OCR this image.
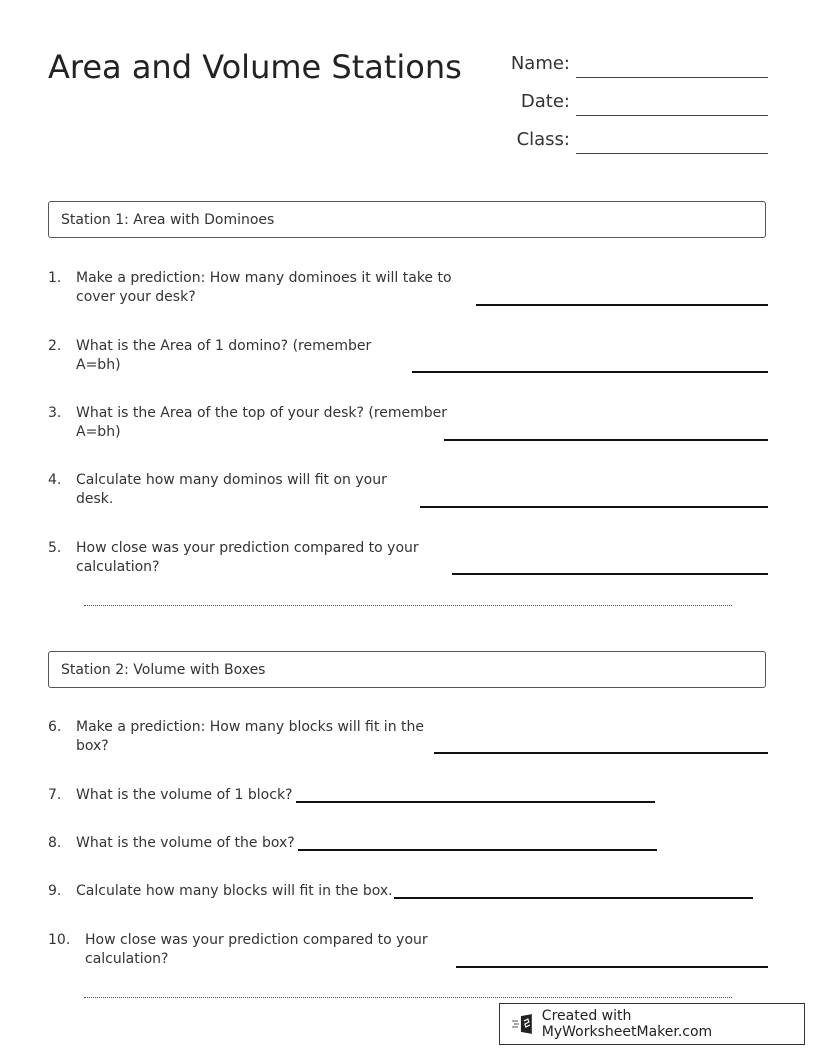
Area and Volume Stations	Name:
Date:
Class:
Station 1: Area with Dominoes
1. Make a prediction: How many dominoes it will take to
cover your desk?
2. What is the Area of 1 domino? (remember
A=bh)
3. What is the Area of the top of your desk? (remember
A=bh)
4. Calculate how many dominos will fit on your
desk.
5. How close was your prediction compared to your
calculation?
Station 2: Volume with Boxes
6. Make a prediction: How many blocks will fit in the
box?
7. What is the volume of 1 block?
8. What is the volume of the box?
9. Calculate how many blocks will fit in the box.
10. How close was your prediction compared to your
calculation?
Created with MyWorksheetMaker.com
